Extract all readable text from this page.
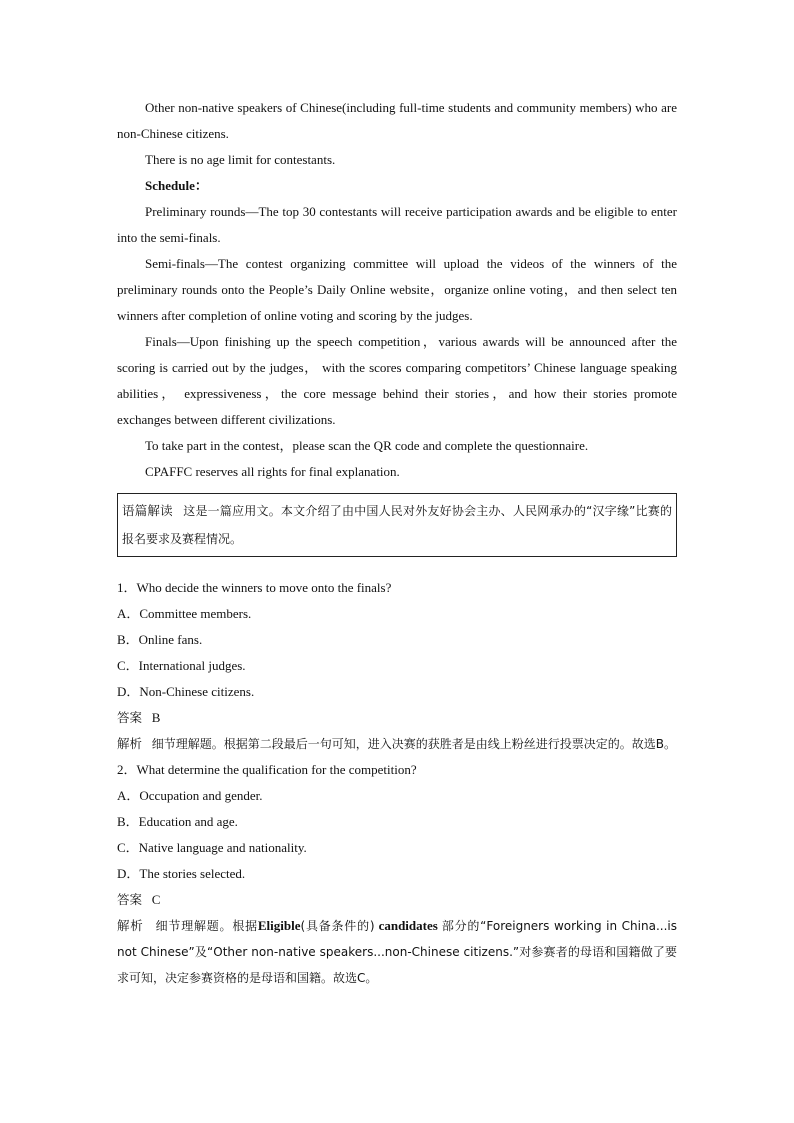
Other non-native speakers of Chinese(including full-time students and community members) who are non-Chinese citizens.

There is no age limit for contestants.

Schedule：

Preliminary rounds—The top 30 contestants will receive participation awards and be eligible to enter into the semi-finals.

Semi-finals—The contest organizing committee will upload the videos of the winners of the preliminary rounds onto the People’s Daily Online website，organize online voting，and then select ten winners after completion of online voting and scoring by the judges.

Finals—Upon finishing up the speech competition，various awards will be announced after the scoring is carried out by the judges， with the scores comparing competitors’ Chinese language speaking abilities， expressiveness，the core message behind their stories，and how their stories promote exchanges between different civilizations.

To take part in the contest，please scan the QR code and complete the questionnaire.

CPAFFC reserves all rights for final explanation.

语篇解读 这是一篇应用文。本文介绍了由中国人民对外友好协会主办、人民网承办的“汉字缘”比赛的报名要求及赛程情况。

1．Who decide the winners to move onto the finals?

A．Committee members.

B．Online fans.

C．International judges.

D．Non-Chinese citizens.

答案 B

解析 细节理解题。根据第二段最后一句可知，进入决赛的获胜者是由线上粉丝进行投票决定的。故选B。

2．What determine the qualification for the competition?

A．Occupation and gender.

B．Education and age.

C．Native language and nationality.

D．The stories selected.

答案 C

解析 细节理解题。根据Eligible(具备条件的) candidates 部分的“Foreigners working in China...is not Chinese”及“Other non-native speakers...non-Chinese citizens.”对参赛者的母语和国籍做了要求可知，决定参赛资格的是母语和国籍。故选C。
